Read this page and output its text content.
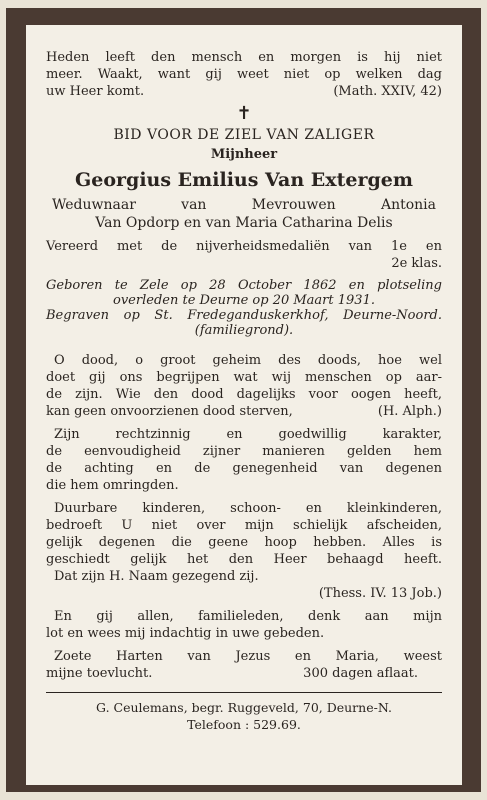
Heden leeft den mensch en morgen is hij niet

meer. Waakt, want gij weet niet op welken dag

uw Heer komt.	(Math. XXIV, 42)
✝

BID VOOR DE ZIEL VAN ZALIGER

Mijnheer

Georgius Emilius Van Extergem

Weduwnaar van Mevrouwen Antonia

Van Opdorp en van Maria Catharina Delis

Vereerd met de nijverheidsmedaliën van 1e en

2e klas.

Geboren te Zele op 28 October 1862 en plotseling

overleden te Deurne op 20 Maart 1931.

Begraven op St. Fredeganduskerkhof, Deurne-Noord.

(familiegrond).

O dood, o groot geheim des doods, hoe wel

doet gij ons begrijpen wat wij menschen op aar-

de zijn. Wie den dood dagelijks voor oogen heeft,

kan geen onvoorzienen dood sterven,	(H. Alph.)

Zijn rechtzinnig en goedwillig karakter,

de eenvoudigheid zijner manieren gelden hem

de achting en de genegenheid van degenen

die hem omringden.

Duurbare kinderen, schoon- en kleinkinderen,

bedroeft U niet over mijn schielijk afscheiden,

gelijk degenen die geene hoop hebben. Alles is

geschiedt gelijk het den Heer behaagd heeft.

Dat zijn H. Naam gezegend zij.
(Thess. IV. 13 Job.)

En gij allen, familieleden, denk aan mijn

lot en wees mij indachtig in uwe gebeden.

Zoete Harten van Jezus en Maria, weest

mijne toevlucht.	300 dagen aflaat.

G. Ceulemans, begr. Ruggeveld, 70, Deurne-N.

Telefoon : 529.69.
